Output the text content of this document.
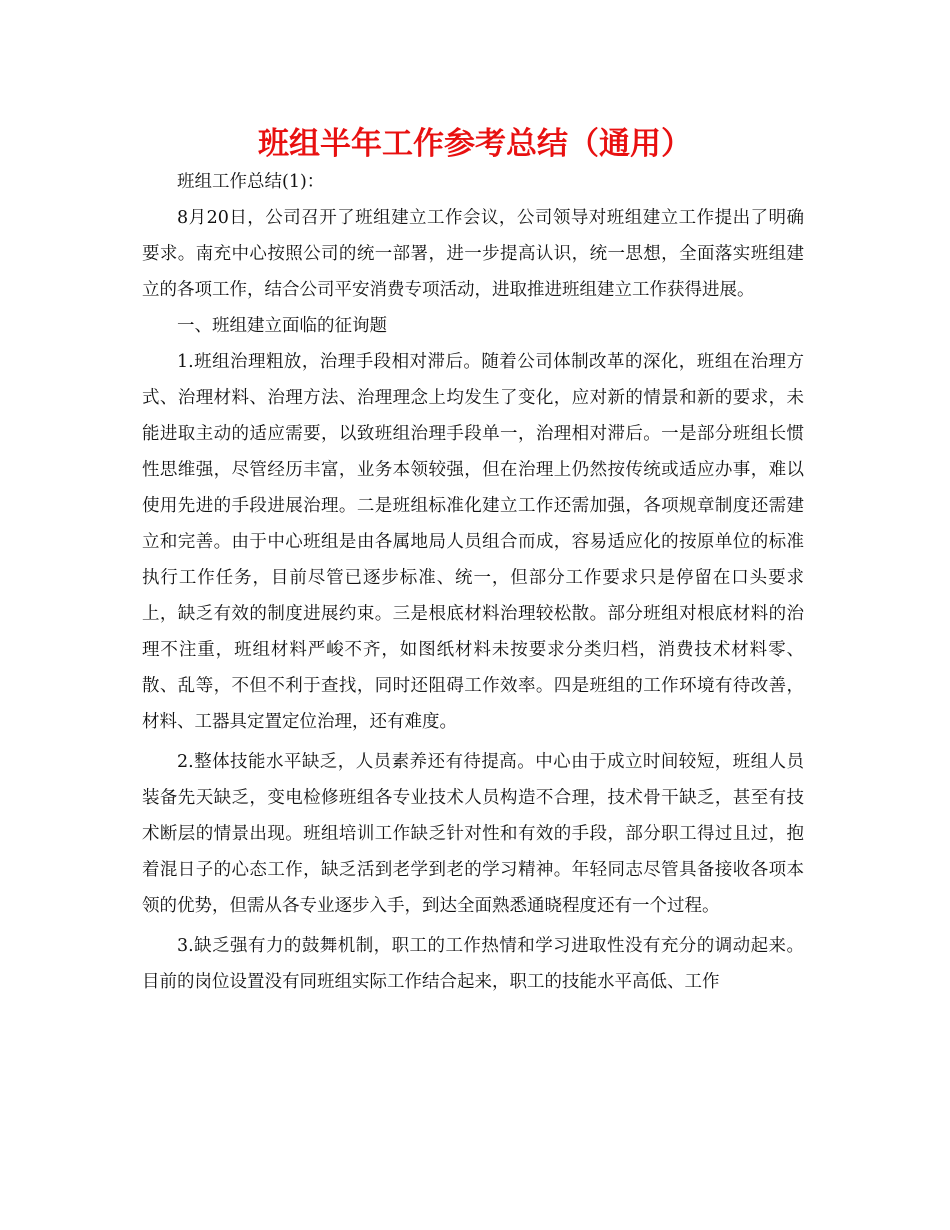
班组半年工作参考总结（通用）

班组工作总结(1)：

8月20日，公司召开了班组建立工作会议，公司领导对班组建立工作提出了明确要求。南充中心按照公司的统一部署，进一步提高认识，统一思想，全面落实班组建立的各项工作，结合公司平安消费专项活动，进取推进班组建立工作获得进展。

一、班组建立面临的征询题

1.班组治理粗放，治理手段相对滞后。随着公司体制改革的深化，班组在治理方式、治理材料、治理方法、治理理念上均发生了变化，应对新的情景和新的要求，未能进取主动的适应需要，以致班组治理手段单一，治理相对滞后。一是部分班组长惯性思维强，尽管经历丰富，业务本领较强，但在治理上仍然按传统或适应办事，难以使用先进的手段进展治理。二是班组标准化建立工作还需加强，各项规章制度还需建立和完善。由于中心班组是由各属地局人员组合而成，容易适应化的按原单位的标准执行工作任务，目前尽管已逐步标准、统一，但部分工作要求只是停留在口头要求上，缺乏有效的制度进展约束。三是根底材料治理较松散。部分班组对根底材料的治理不注重，班组材料严峻不齐，如图纸材料未按要求分类归档，消费技术材料零、散、乱等，不但不利于查找，同时还阻碍工作效率。四是班组的工作环境有待改善，材料、工器具定置定位治理，还有难度。

2.整体技能水平缺乏，人员素养还有待提高。中心由于成立时间较短，班组人员装备先天缺乏，变电检修班组各专业技术人员构造不合理，技术骨干缺乏，甚至有技术断层的情景出现。班组培训工作缺乏针对性和有效的手段，部分职工得过且过，抱着混日子的心态工作，缺乏活到老学到老的学习精神。年轻同志尽管具备接收各项本领的优势，但需从各专业逐步入手，到达全面熟悉通晓程度还有一个过程。

3.缺乏强有力的鼓舞机制，职工的工作热情和学习进取性没有充分的调动起来。目前的岗位设置没有同班组实际工作结合起来，职工的技能水平高低、工作
